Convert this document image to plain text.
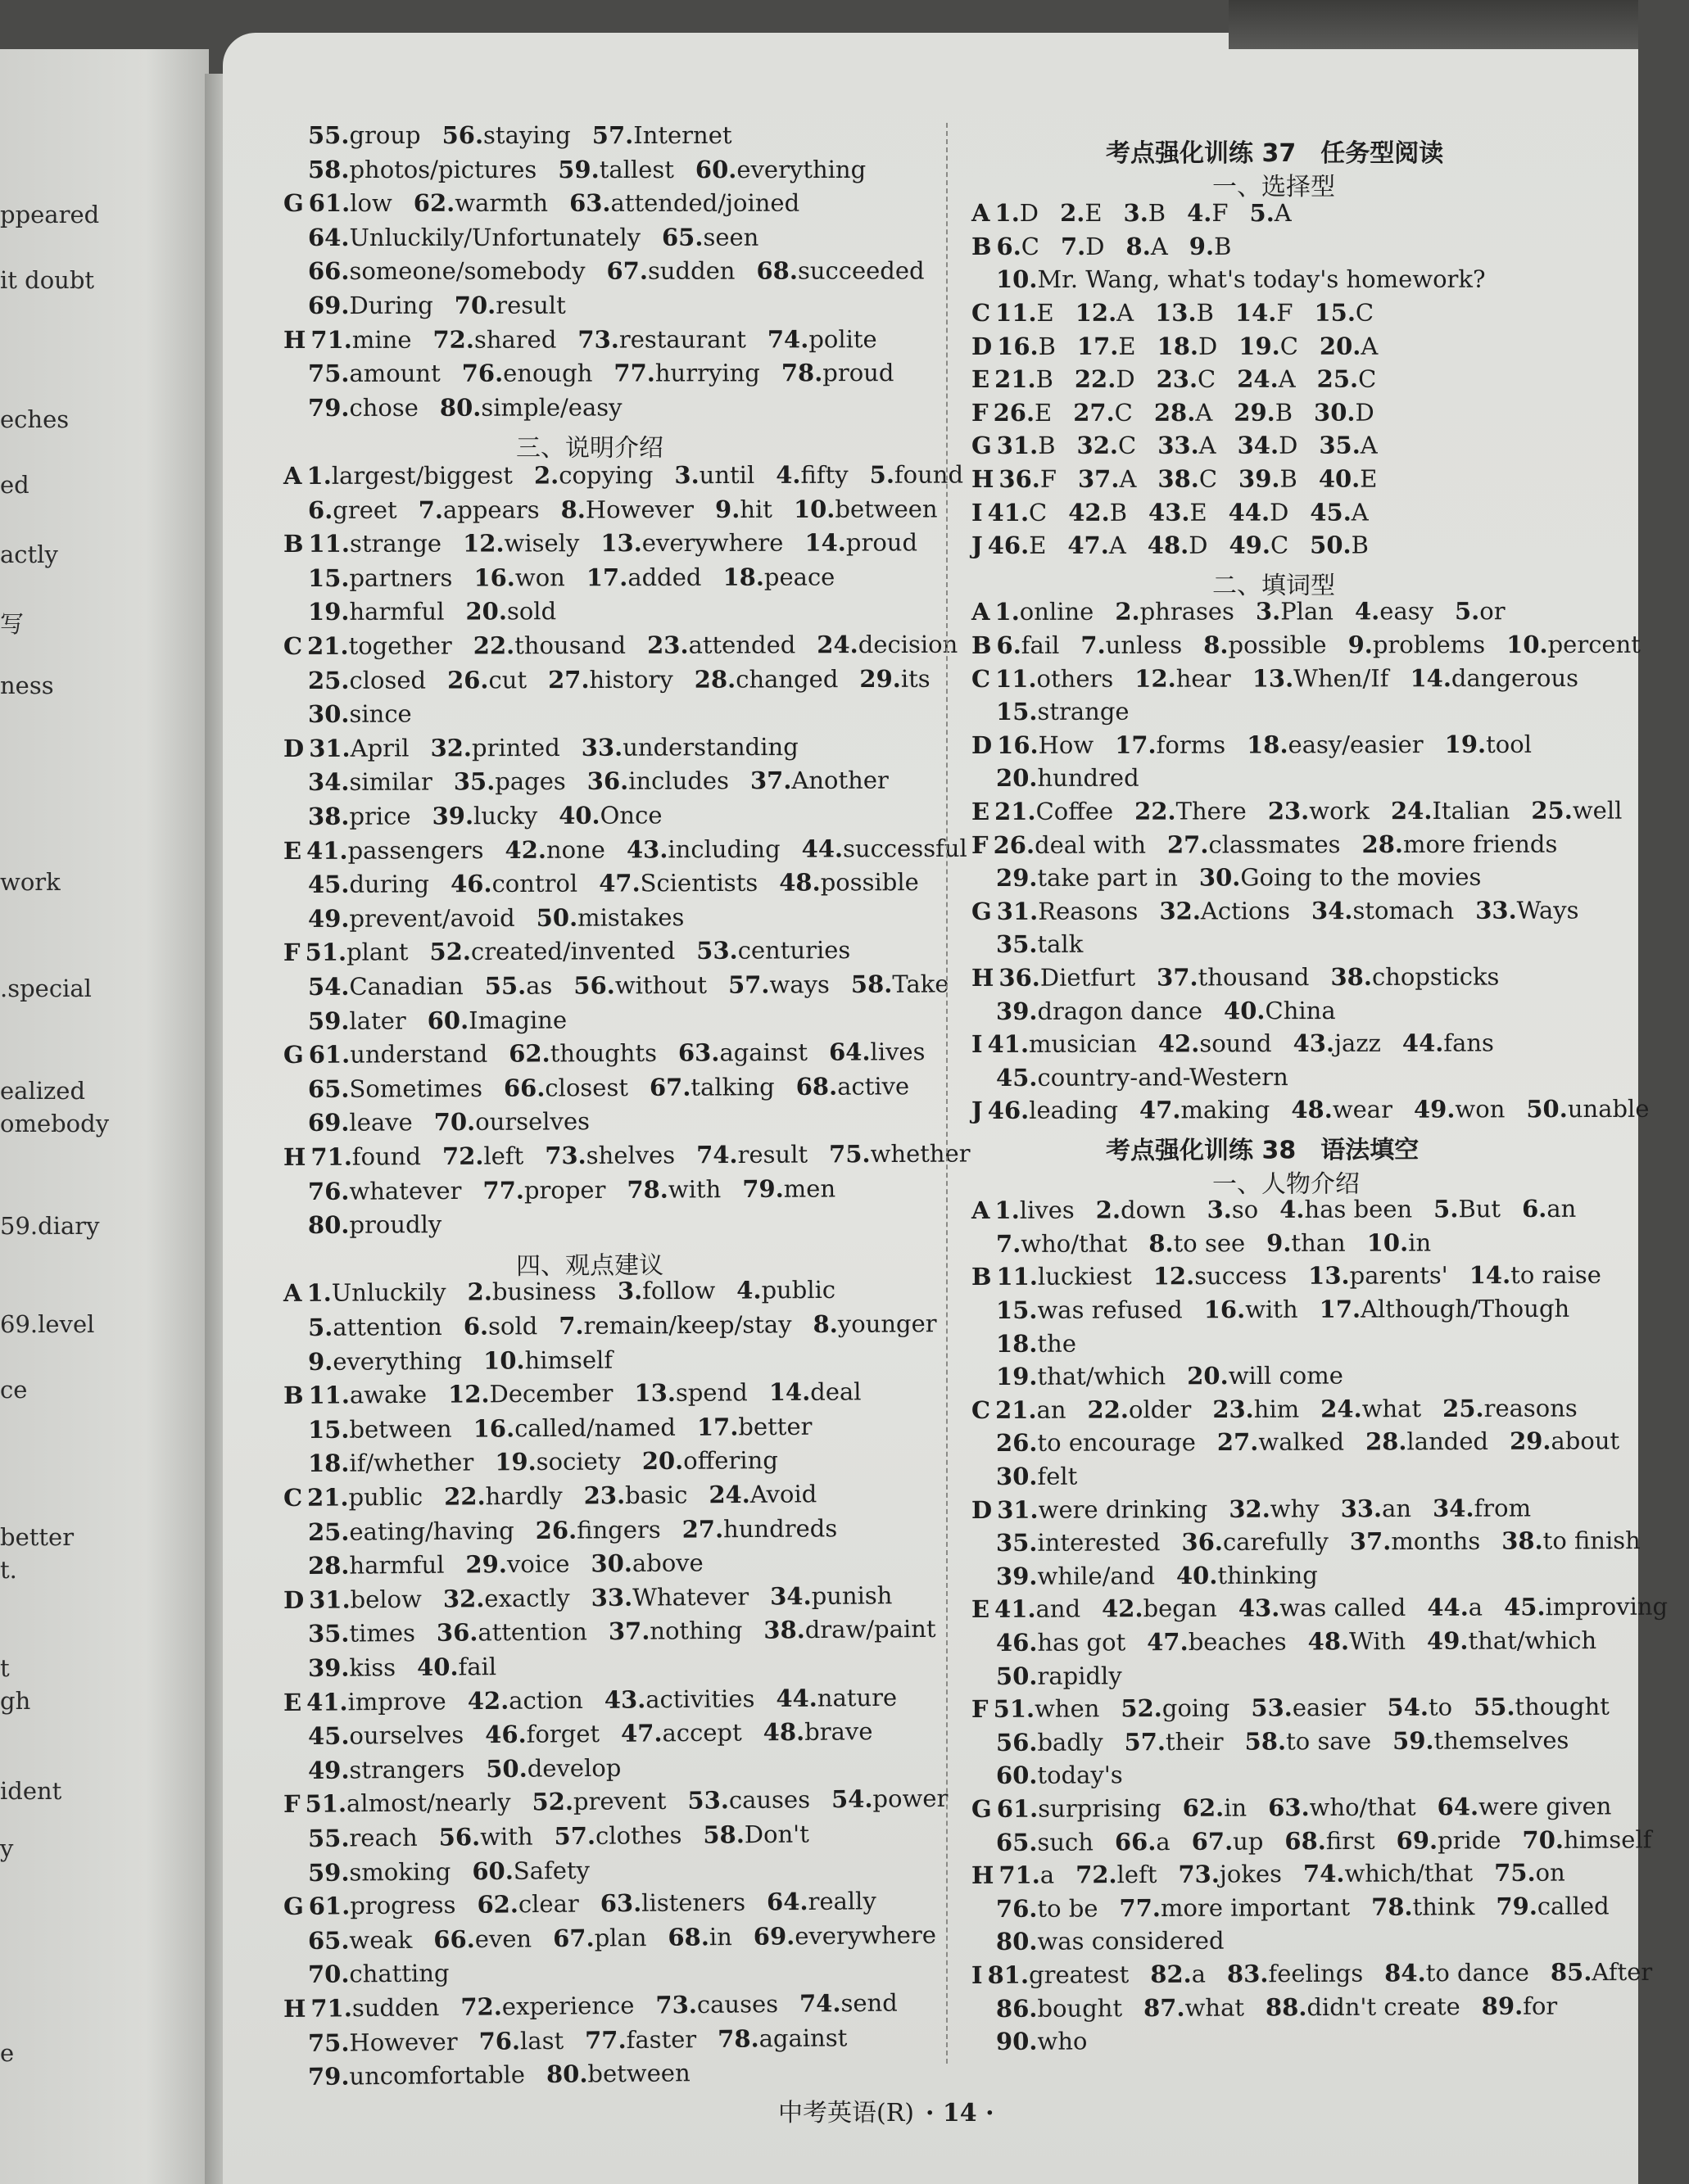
ppeared
it doubt
eches
ed
actly
写
ness
work
.special
ealized
omebody
59.diary
69.level
ce
better
t.
t
gh
ident
y
e
55.group 56.staying 57.Internet
58.photos/pictures 59.tallest 60.everything
G 61.low 62.warmth 63.attended/joined
64.Unluckily/Unfortunately 65.seen
66.someone/somebody 67.sudden 68.succeeded
69.During 70.result
H 71.mine 72.shared 73.restaurant 74.polite
75.amount 76.enough 77.hurrying 78.proud
79.chose 80.simple/easy
三、说明介绍
A 1.largest/biggest 2.copying 3.until 4.fifty 5.found
6.greet 7.appears 8.However 9.hit 10.between
B 11.strange 12.wisely 13.everywhere 14.proud
15.partners 16.won 17.added 18.peace
19.harmful 20.sold
C 21.together 22.thousand 23.attended 24.decision
25.closed 26.cut 27.history 28.changed 29.its
30.since
D 31.April 32.printed 33.understanding
34.similar 35.pages 36.includes 37.Another
38.price 39.lucky 40.Once
E 41.passengers 42.none 43.including 44.successful
45.during 46.control 47.Scientists 48.possible
49.prevent/avoid 50.mistakes
F 51.plant 52.created/invented 53.centuries
54.Canadian 55.as 56.without 57.ways 58.Take
59.later 60.Imagine
G 61.understand 62.thoughts 63.against 64.lives
65.Sometimes 66.closest 67.talking 68.active
69.leave 70.ourselves
H 71.found 72.left 73.shelves 74.result 75.whether
76.whatever 77.proper 78.with 79.men
80.proudly
四、观点建议
A 1.Unluckily 2.business 3.follow 4.public
5.attention 6.sold 7.remain/keep/stay 8.younger
9.everything 10.himself
B 11.awake 12.December 13.spend 14.deal
15.between 16.called/named 17.better
18.if/whether 19.society 20.offering
C 21.public 22.hardly 23.basic 24.Avoid
25.eating/having 26.fingers 27.hundreds
28.harmful 29.voice 30.above
D 31.below 32.exactly 33.Whatever 34.punish
35.times 36.attention 37.nothing 38.draw/paint
39.kiss 40.fail
E 41.improve 42.action 43.activities 44.nature
45.ourselves 46.forget 47.accept 48.brave
49.strangers 50.develop
F 51.almost/nearly 52.prevent 53.causes 54.power
55.reach 56.with 57.clothes 58.Don't
59.smoking 60.Safety
G 61.progress 62.clear 63.listeners 64.really
65.weak 66.even 67.plan 68.in 69.everywhere
70.chatting
H 71.sudden 72.experience 73.causes 74.send
75.However 76.last 77.faster 78.against
79.uncomfortable 80.between
考点强化训练 37　任务型阅读
一、选择型
A 1.D 2.E 3.B 4.F 5.A
B 6.C 7.D 8.A 9.B
10.Mr. Wang, what's today's homework?
C 11.E 12.A 13.B 14.F 15.C
D 16.B 17.E 18.D 19.C 20.A
E 21.B 22.D 23.C 24.A 25.C
F 26.E 27.C 28.A 29.B 30.D
G 31.B 32.C 33.A 34.D 35.A
H 36.F 37.A 38.C 39.B 40.E
I 41.C 42.B 43.E 44.D 45.A
J 46.E 47.A 48.D 49.C 50.B
二、填词型
A 1.online 2.phrases 3.Plan 4.easy 5.or
B 6.fail 7.unless 8.possible 9.problems 10.percent
C 11.others 12.hear 13.When/If 14.dangerous
15.strange
D 16.How 17.forms 18.easy/easier 19.tool
20.hundred
E 21.Coffee 22.There 23.work 24.Italian 25.well
F 26.deal with 27.classmates 28.more friends
29.take part in 30.Going to the movies
G 31.Reasons 32.Actions 34.stomach 33.Ways
35.talk
H 36.Dietfurt 37.thousand 38.chopsticks
39.dragon dance 40.China
I 41.musician 42.sound 43.jazz 44.fans
45.country-and-Western
J 46.leading 47.making 48.wear 49.won 50.unable
考点强化训练 38　语法填空
一、人物介绍
A 1.lives 2.down 3.so 4.has been 5.But 6.an
7.who/that 8.to see 9.than 10.in
B 11.luckiest 12.success 13.parents' 14.to raise
15.was refused 16.with 17.Although/Though
18.the
19.that/which 20.will come
C 21.an 22.older 23.him 24.what 25.reasons
26.to encourage 27.walked 28.landed 29.about
30.felt
D 31.were drinking 32.why 33.an 34.from
35.interested 36.carefully 37.months 38.to finish
39.while/and 40.thinking
E 41.and 42.began 43.was called 44.a 45.improving
46.has got 47.beaches 48.With 49.that/which
50.rapidly
F 51.when 52.going 53.easier 54.to 55.thought
56.badly 57.their 58.to save 59.themselves
60.today's
G 61.surprising 62.in 63.who/that 64.were given
65.such 66.a 67.up 68.first 69.pride 70.himself
H 71.a 72.left 73.jokes 74.which/that 75.on
76.to be 77.more important 78.think 79.called
80.was considered
I 81.greatest 82.a 83.feelings 84.to dance 85.After
86.bought 87.what 88.didn't create 89.for
90.who
中考英语(R) · 14 ·
